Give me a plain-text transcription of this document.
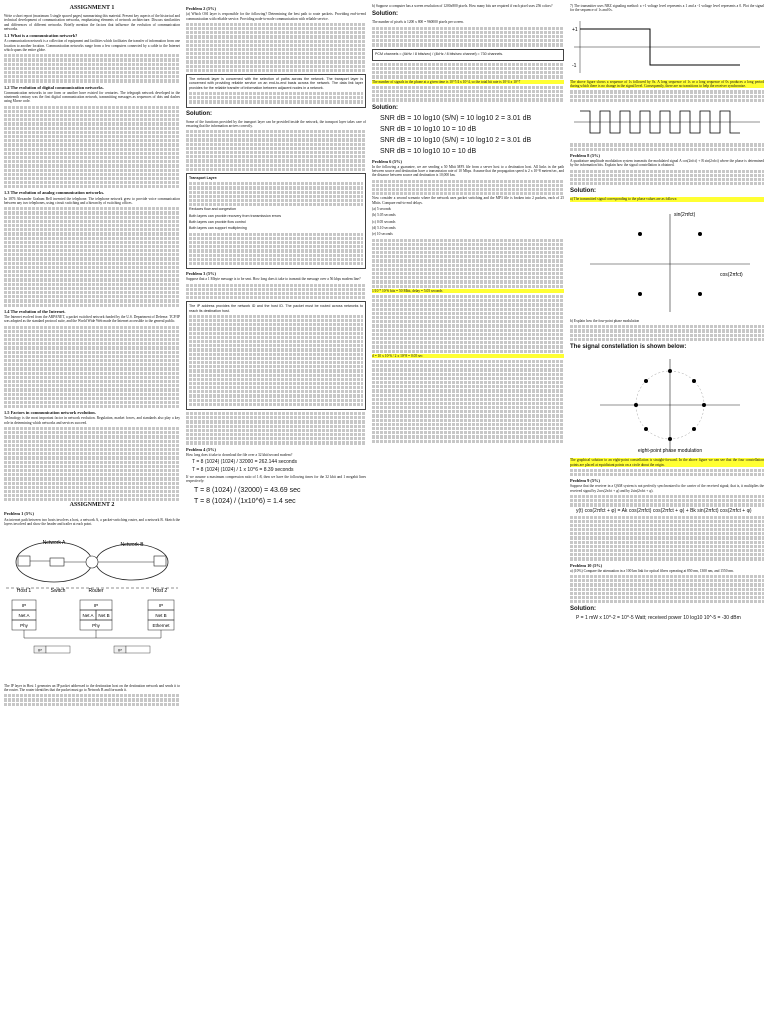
ASSIGNMENT 1

Write a short report (maximum 3 single spaced pages) summarizing this material. Present key aspects of the historical and technical development of communication networks, emphasizing elements of network architecture. Discuss similarities and differences of different networks. Briefly mention the factors that influence the evolution of communication networks.

1.1 What is a communication network?

A communication network is a collection of equipment and facilities which facilitates the transfer of information from one location to another location. Communication networks range from a few computers connected by a cable to the Internet which spans the entire globe.

1.2 The evolution of digital communication networks.

Communication networks in one form or another have existed for centuries. The telegraph network developed in the nineteenth century was the first digital communication network, transmitting messages as sequences of dots and dashes using Morse code.

1.3 The evolution of analog communication networks.

In 1876 Alexander Graham Bell invented the telephone. The telephone network grew to provide voice communication between any two telephones, using circuit switching and a hierarchy of switching offices.

1.4 The evolution of the Internet.

The Internet evolved from the ARPANET, a packet switched network funded by the U.S. Department of Defense. TCP/IP was adopted as the standard protocol suite, and the World Wide Web made the Internet accessible to the general public.

1.5 Factors in communication network evolution.

Technology is the most important factor in network evolution. Regulation, market forces, and standards also play a key role in determining which networks and services succeed.

ASSIGNMENT 2
Problem 1 (5%)

An internet path between two hosts involves a host, a network A, a packet-switching router, and a network B. Sketch the layers involved and show the header and trailer at each point.

Network A	Network B
Host 1	Switch	Router	Host 2
IP
Net A
Phy
IP
Net A Net B
Phy
IP
Net B
Ethernet
IP	IP

The IP layer in Host 1 generates an IP packet addressed to the destination host on the destination network and sends it to the router. The router identifies that the packet must go to Network B and forwards it.

Problem 2 (5%)

(a) Which OSI layer is responsible for the following? Determining the best path to route packets. Providing end-to-end communication with reliable service. Providing node-to-node communication with reliable service.

The network layer is concerned with the selection of paths across the network. The transport layer is concerned with providing reliable service on an end-to-end basis across the network. The data link layer provides for the reliable transfer of information between adjacent nodes in a network.

Solution:

Some of the functions provided by the transport layer can be provided inside the network, the transport layer takes care of ensuring that the information arrives correctly.

Transport Layer:

Reduces flow and congestion

Both layers can provide recovery from transmission errors

Both layers can provide flow control

Both layers can support multiplexing

Problem 3 (5%)

Suppose that a 1 Mbyte message is to be sent. How long does it take to transmit the message over a 56 kbps modem line?

The IP address provides the network ID and the host ID. The packet must be routed across networks to reach its destination host.

Problem 4 (5%)

How long does it take to download the file over a 32 kbit/second modem?

T = 8 (1024) (1024) / 32000 = 262.144 seconds
T = 8 (1024) (1024) / 1 x 10^6 = 8.39 seconds

If we assume a maximum compression ratio of 1:8, then we have the following times for the 32 kbit and 1 megabit lines respectively:

T = 8 (1024) / (32000) = 43.69 sec
T = 8 (1024) / (1x10^6) = 1.4 sec

b) Suppose a computer has a screen resolution of 1200x800 pixels. How many bits are required if each pixel uses 256 colors?

Solution:

The number of pixels is 1200 x 800 = 960000 pixels per screen.

PCM channels = (4kHz / 8 bits/sec) / (4kHz / 8 bits/sec channel) = 730 channels.

The number of signals in the phone at a given time is 10^7/4 x 10^4, so the total bit rate is 10^4 x 10^7

Solution:
SNR dB = 10 log10 (S/N) = 10 log10 2 = 3.01 dB
SNR dB = 10 log10 10 = 10 dB
SNR dB = 10 log10 (S/N) = 10 log10 2 = 3.01 dB
SNR dB = 10 log10 10 = 10 dB
Problem 6 (5%)

In the following a guarantee, we are sending a 50 Mbit MP3 file from a server host to a destination host. All links in the path between source and destination have a transmission rate of 10 Mbps. Assume that the propagation speed is 2 x 10^8 meters/sec, and the distance between source and destination is 10,000 km.

Now consider a second scenario where the network uses packet switching and the MP3 file is broken into 2 packets, each of 25 Mbits. Compare end-to-end delays.

(a) 5 seconds

(b) 5.05 seconds

(c) 0.05 seconds

(d) 5.10 seconds

(e) 10 seconds

1/10 * 10^6 bits = 50 Mbit, delay = 5.05 seconds

d = 10 x 10^6 / 2 x 10^8 = 0.05 sec

7) The transmitter uses NRZ signaling method: a +1 voltage level represents a 1 and a -1 voltage level represents a 0. Plot the signal for the sequence of 1s and 0s.

+1
-1

The above figure shows a sequence of 1s followed by 0s. A long sequence of 1s or a long sequence of 0s produces a long period during which there is no change in the signal level. Consequently, there are no transitions to help the receiver synchronize.

Problem 8 (5%)

A quadrature amplitude modulation system transmits the modulated signal A cos(2πfct) + B sin(2πfct) where the phase is determined by the information bits. Explain how the signal constellation is obtained.

Solution:

a) The transmitted signal corresponding to the phase values are as follows:

sin(2πfct)
cos(2πfct)

b) Explain how the four-point phase modulation

The signal constellation is shown below:
eight-point phase modulation

The graphical solution to an eight-point constellation is straight-forward. In the above figure we can see that the four constellation points are placed at equidistant points on a circle about the origin.

Problem 9 (5%)

Suppose that the receiver in a QAM system is not perfectly synchronized to the carrier of the received signal; that is, it multiplies the received signal by 2cos(2πfct + φ) and by 2sin(2πfct + φ).

y(t) cos(2πfct + φ) = Ak cos(2πfct) cos(2πfct + φ) + Bk sin(2πfct) cos(2πfct + φ)
Problem 10 (5%)

a) (10%) Compare the attenuation in a 100 km link for optical fibers operating at 850 nm, 1300 nm, and 1550 nm.

Solution:
P = 1 mW x 10^-2 = 10^-5 Watt; received power 10 log10 10^-5 = -30 dBm
